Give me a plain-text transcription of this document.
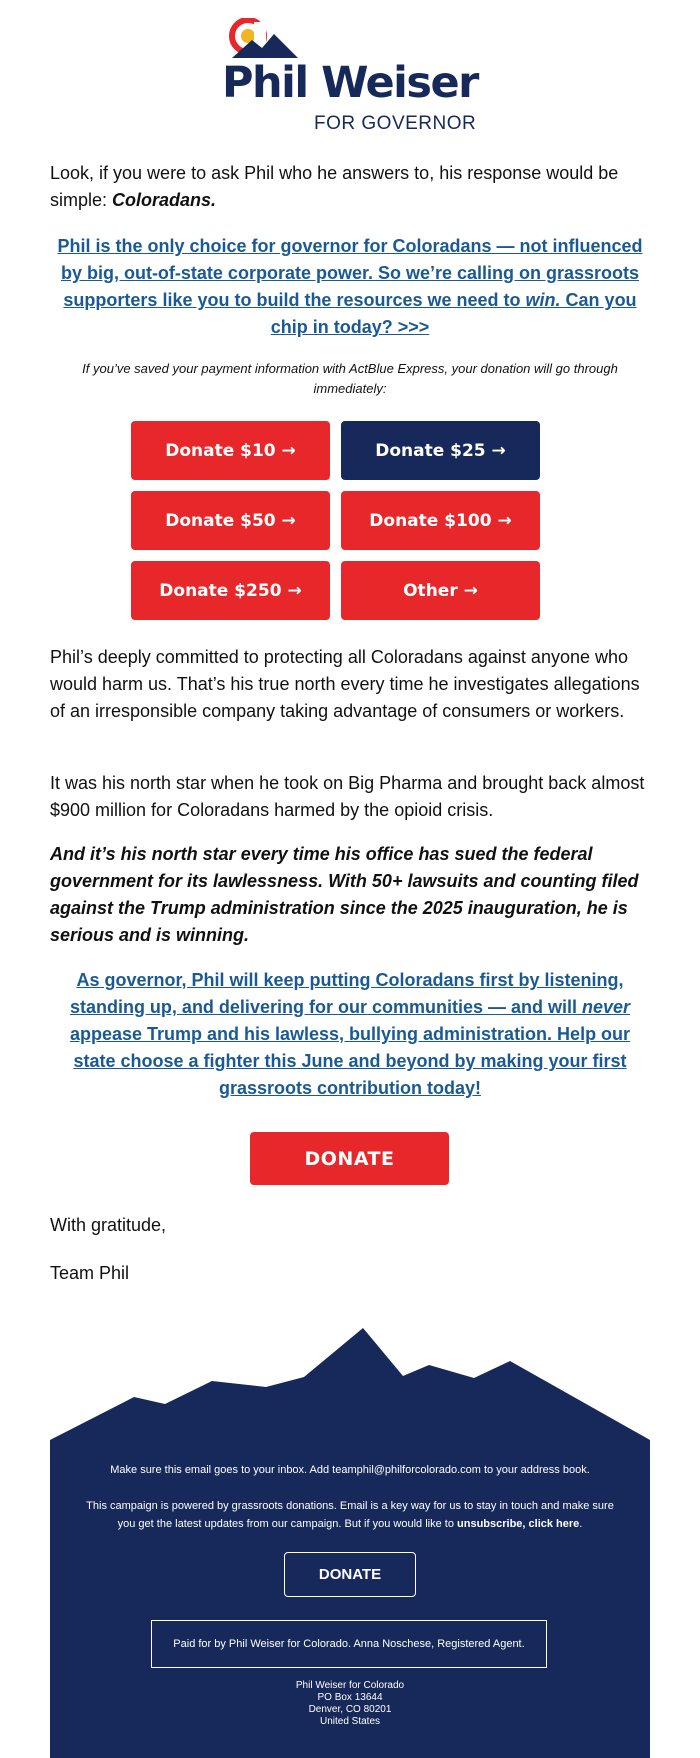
Phil Weiser
FOR GOVERNOR
Look, if you were to ask Phil who he answers to, his response would be simple: Coloradans.
Phil is the only choice for governor for Coloradans — not influenced by big, out-of-state corporate power. So we’re calling on grassroots supporters like you to build the resources we need to win. Can you chip in today? >>>
If you’ve saved your payment information with ActBlue Express, your donation will go through immediately:
Donate $10 →	Donate $25 →
Donate $50 →	Donate $100 →
Donate $250 →	Other →
Phil’s deeply committed to protecting all Coloradans against anyone who would harm us. That’s his true north every time he investigates allegations of an irresponsible company taking advantage of consumers or workers.
It was his north star when he took on Big Pharma and brought back almost $900 million for Coloradans harmed by the opioid crisis.
And it’s his north star every time his office has sued the federal government for its lawlessness. With 50+ lawsuits and counting filed against the Trump administration since the 2025 inauguration, he is serious and is winning.
As governor, Phil will keep putting Coloradans first by listening, standing up, and delivering for our communities — and will never appease Trump and his lawless, bullying administration. Help our state choose a fighter this June and beyond by making your first grassroots contribution today!
DONATE
With gratitude,
Team Phil
Make sure this email goes to your inbox. Add teamphil@philforcolorado.com to your address book.
This campaign is powered by grassroots donations. Email is a key way for us to stay in touch and make sure you get the latest updates from our campaign. But if you would like to unsubscribe, click here.
DONATE
Paid for by Phil Weiser for Colorado. Anna Noschese, Registered Agent.
Phil Weiser for Colorado
PO Box 13644
Denver, CO 80201
United States
